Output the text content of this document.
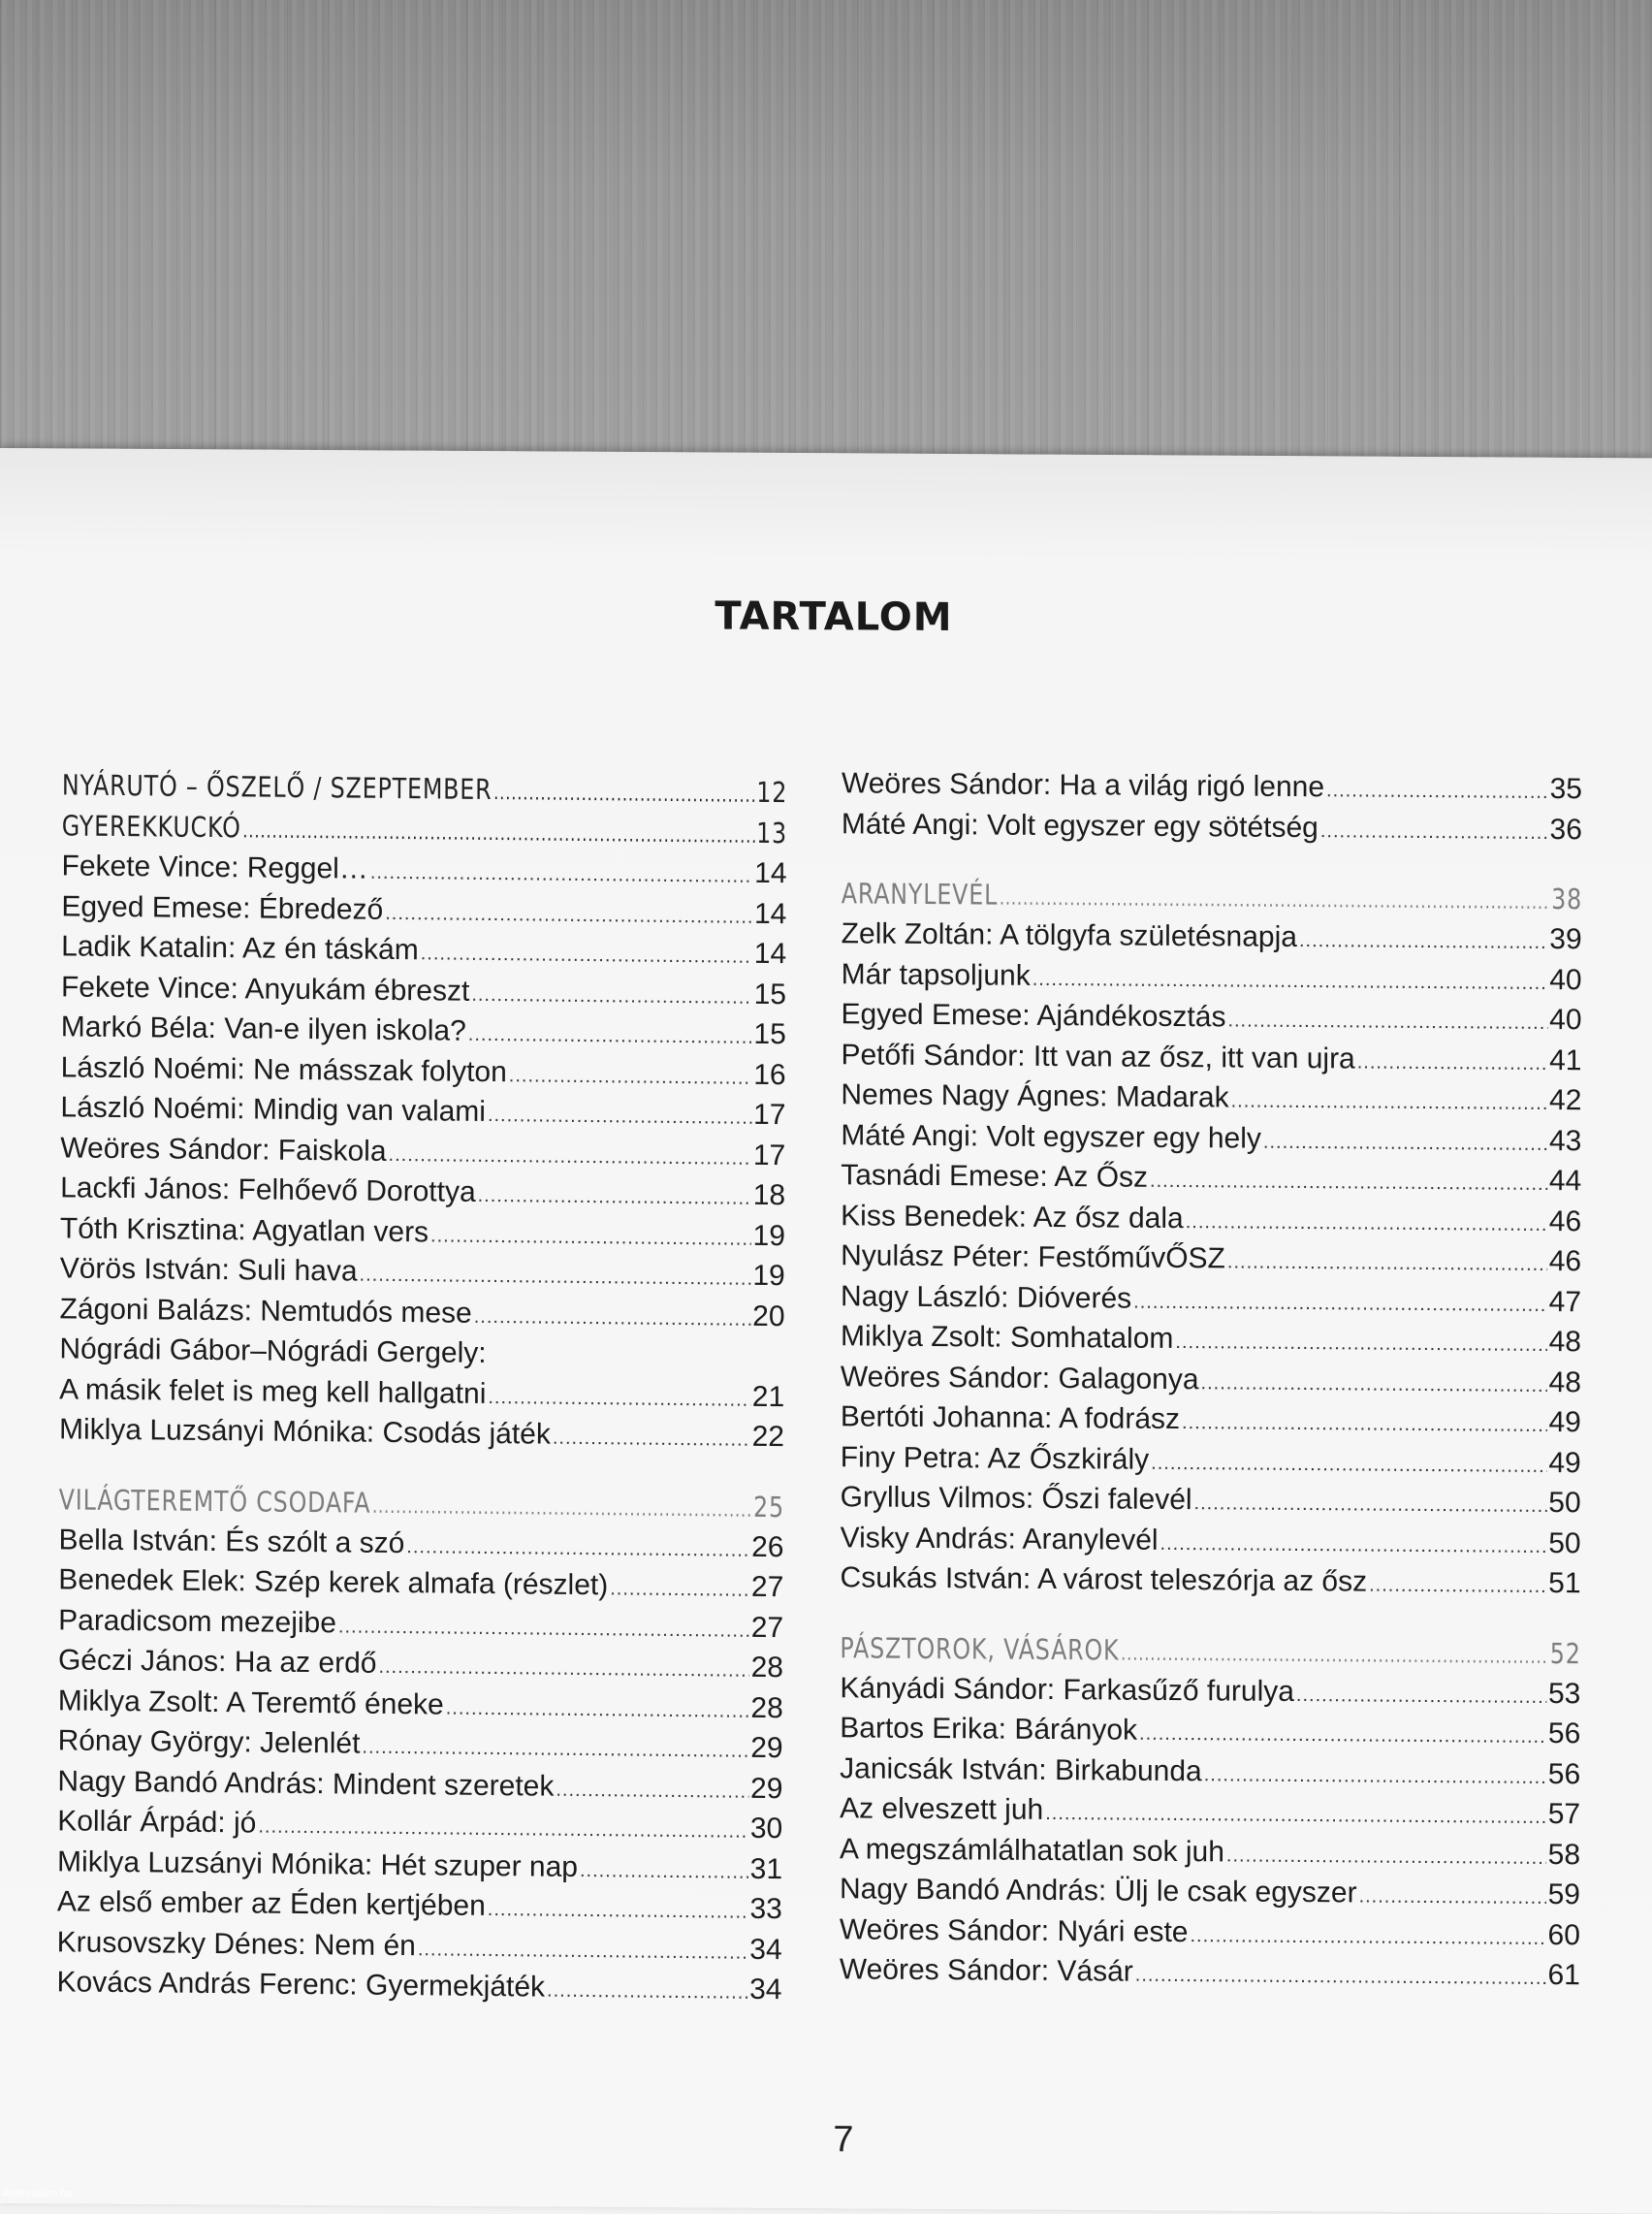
TARTALOM
NYÁRUTÓ – ŐSZELŐ / SZEPTEMBER .....	12
GYEREKKUCKÓ .....	13
Fekete Vince: Reggel… .....	14
Egyed Emese: Ébredező .....	14
Ladik Katalin: Az én táskám .....	14
Fekete Vince: Anyukám ébreszt .....	15
Markó Béla: Van-e ilyen iskola? .....	15
László Noémi: Ne másszak folyton .....	16
László Noémi: Mindig van valami .....	17
Weöres Sándor: Faiskola .....	17
Lackfi János: Felhőevő Dorottya .....	18
Tóth Krisztina: Agyatlan vers .....	19
Vörös István: Suli hava .....	19
Zágoni Balázs: Nemtudós mese .....	20
Nógrádi Gábor–Nógrádi Gergely:
A másik felet is meg kell hallgatni .....	21
Miklya Luzsányi Mónika: Csodás játék .....	22
VILÁGTEREMTŐ CSODAFA .....	25
Bella István: És szólt a szó .....	26
Benedek Elek: Szép kerek almafa (részlet) .....	27
Paradicsom mezejibe .....	27
Géczi János: Ha az erdő .....	28
Miklya Zsolt: A Teremtő éneke .....	28
Rónay György: Jelenlét .....	29
Nagy Bandó András: Mindent szeretek .....	29
Kollár Árpád: jó .....	30
Miklya Luzsányi Mónika: Hét szuper nap .....	31
Az első ember az Éden kertjében .....	33
Krusovszky Dénes: Nem én .....	34
Kovács András Ferenc: Gyermekjáték .....	34
Weöres Sándor: Ha a világ rigó lenne .....	35
Máté Angi: Volt egyszer egy sötétség .....	36
ARANYLEVÉL .....	38
Zelk Zoltán: A tölgyfa születésnapja .....	39
Már tapsoljunk .....	40
Egyed Emese: Ajándékosztás .....	40
Petőfi Sándor: Itt van az ősz, itt van ujra .....	41
Nemes Nagy Ágnes: Madarak .....	42
Máté Angi: Volt egyszer egy hely .....	43
Tasnádi Emese: Az Ősz .....	44
Kiss Benedek: Az ősz dala .....	46
Nyulász Péter: FestőművŐSZ .....	46
Nagy László: Dióverés .....	47
Miklya Zsolt: Somhatalom .....	48
Weöres Sándor: Galagonya .....	48
Bertóti Johanna: A fodrász .....	49
Finy Petra: Az Őszkirály .....	49
Gryllus Vilmos: Őszi falevél .....	50
Visky András: Aranylevél .....	50
Csukás István: A várost teleszórja az ősz .....	51
PÁSZTOROK, VÁSÁROK .....	52
Kányádi Sándor: Farkasűző furulya .....	53
Bartos Erika: Bárányok .....	56
Janicsák István: Birkabunda .....	56
Az elveszett juh .....	57
A megszámlálhatatlan sok juh .....	58
Nagy Bandó András: Ülj le csak egyszer .....	59
Weöres Sándor: Nyári este .....	60
Weöres Sándor: Vásár .....	61
7
Antikvárium.hu
